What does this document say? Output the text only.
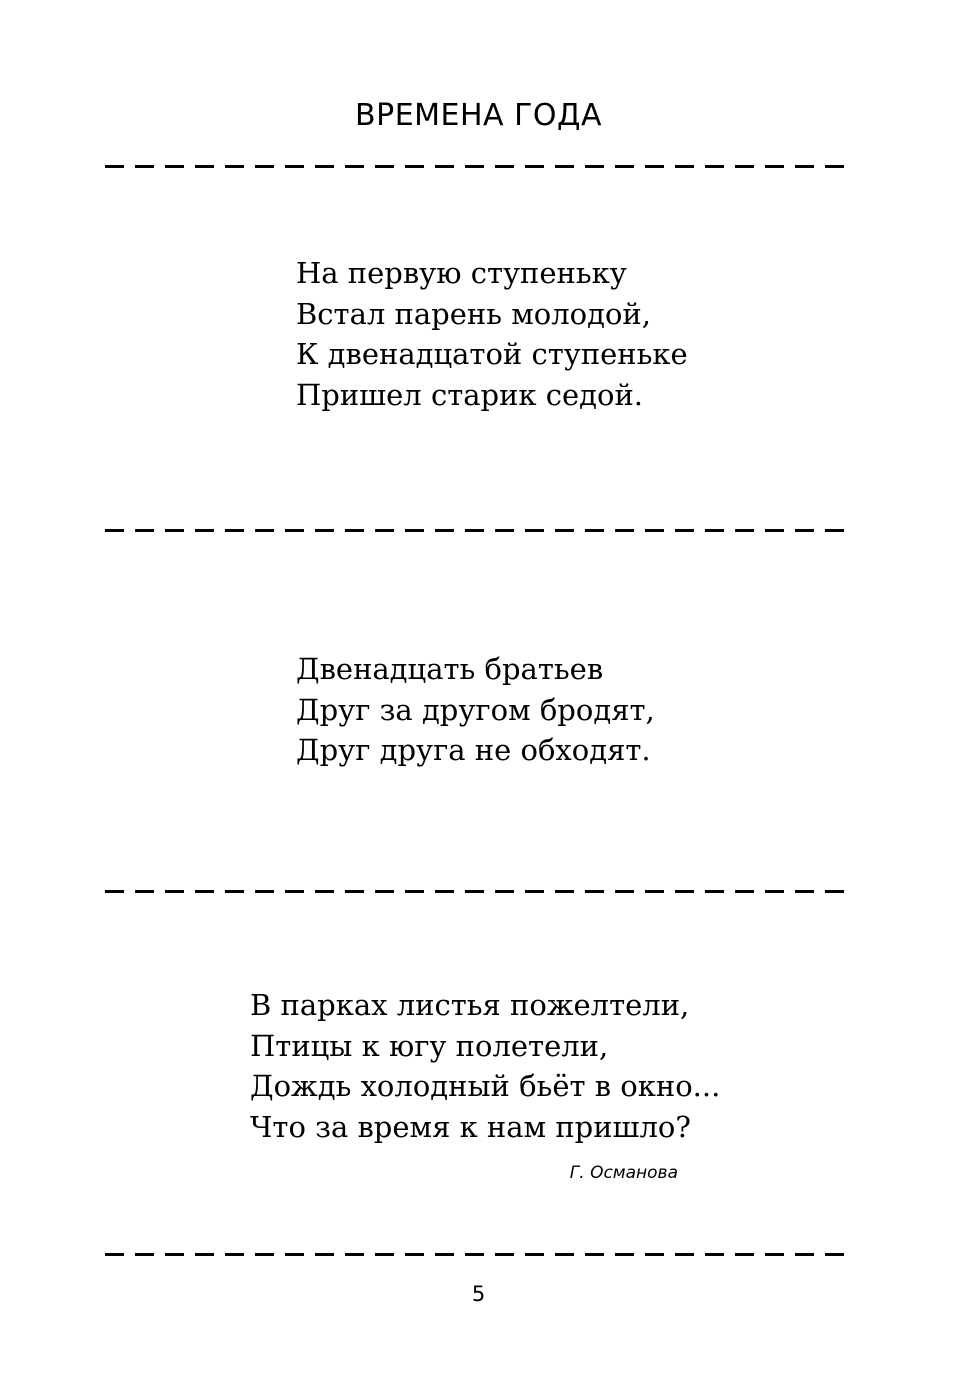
ВРЕМЕНА ГОДА
На первую ступеньку
Встал парень молодой,
К двенадцатой ступеньке
Пришел старик седой.
Двенадцать братьев
Друг за другом бродят,
Друг друга не обходят.
В парках листья пожелтели,
Птицы к югу полетели,
Дождь холодный бьёт в окно...
Что за время к нам пришло?
Г. Османова
5
